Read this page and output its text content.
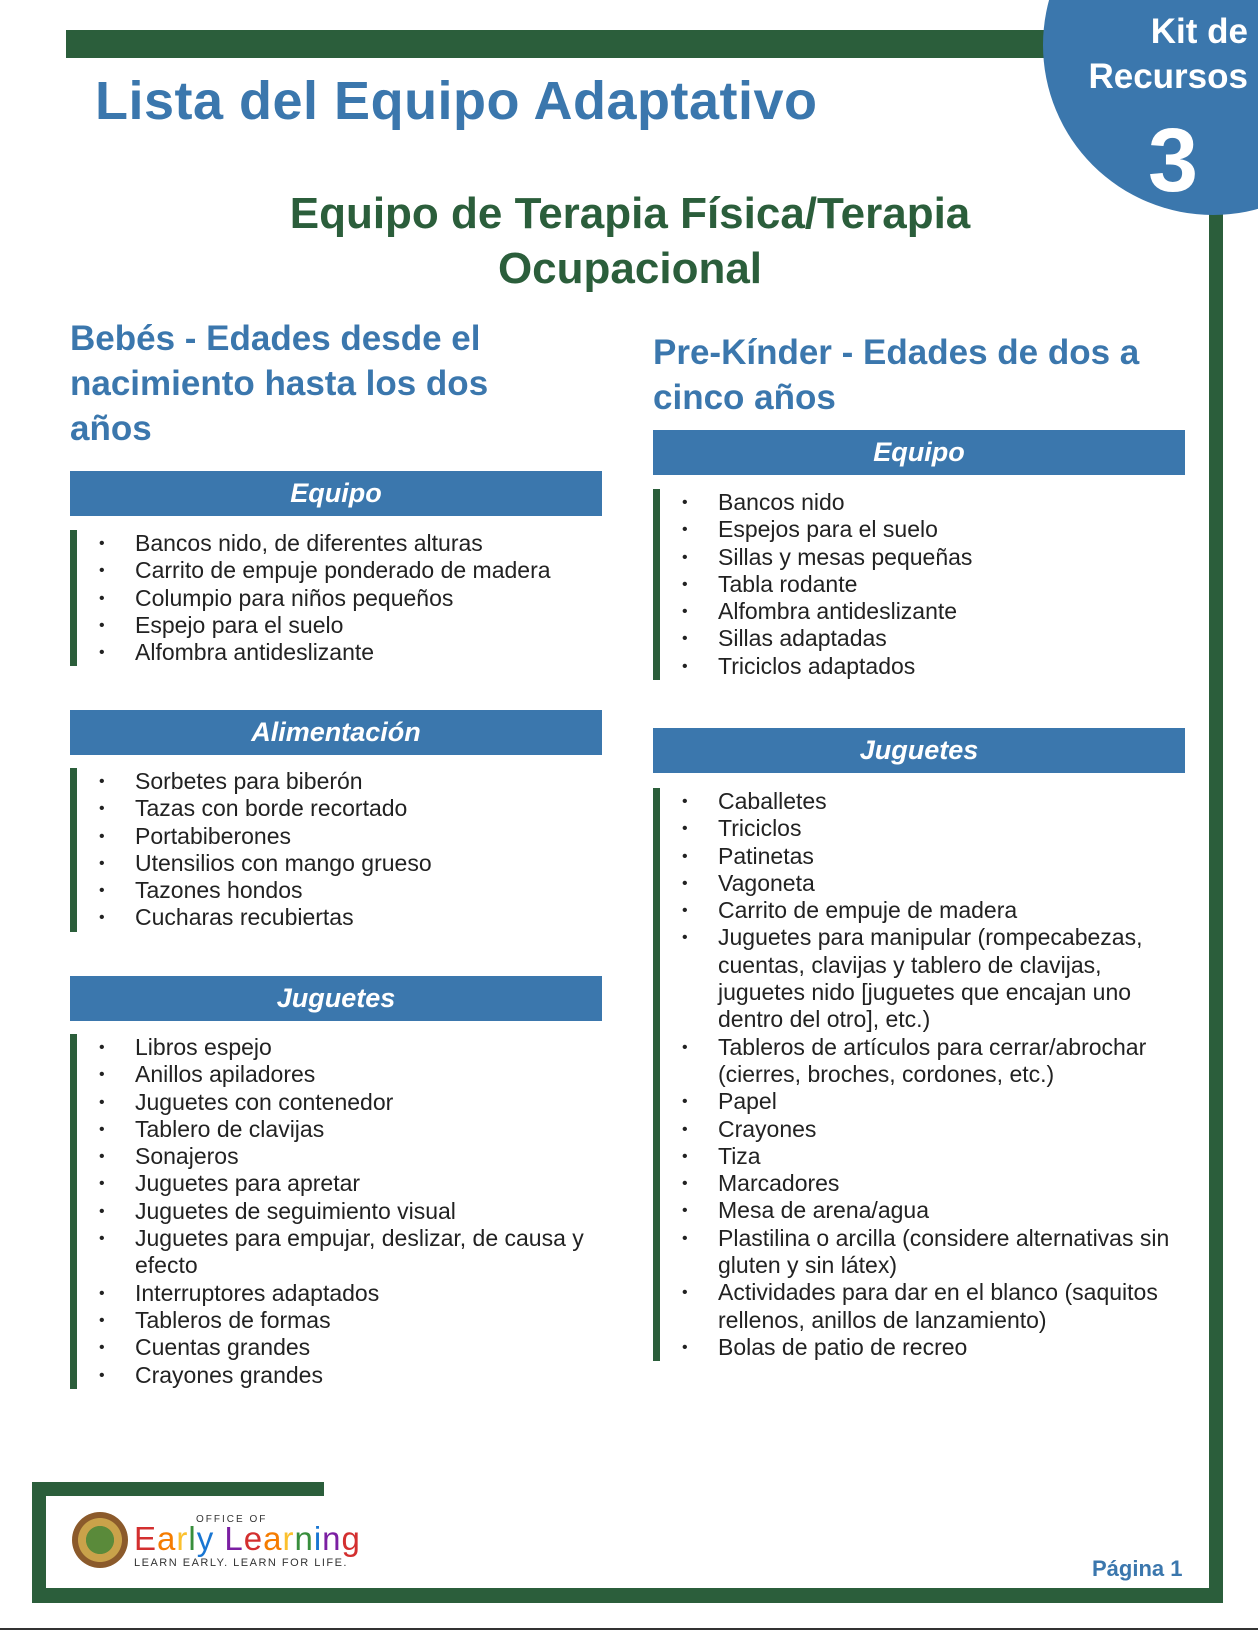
Kit de
Recursos
3
Lista del Equipo Adaptativo
Equipo de Terapia Física/Terapia
Ocupacional
Bebés - Edades desde el
nacimiento hasta los dos
años
Equipo
• Bancos nido, de diferentes alturas
• Carrito de empuje ponderado de madera
• Columpio para niños pequeños
• Espejo para el suelo
• Alfombra antideslizante
Alimentación
• Sorbetes para biberón
• Tazas con borde recortado
• Portabiberones
• Utensilios con mango grueso
• Tazones hondos
• Cucharas recubiertas
Juguetes
• Libros espejo
• Anillos apiladores
• Juguetes con contenedor
• Tablero de clavijas
• Sonajeros
• Juguetes para apretar
• Juguetes de seguimiento visual
• Juguetes para empujar, deslizar, de causa y efecto
• Interruptores adaptados
• Tableros de formas
• Cuentas grandes
• Crayones grandes
Pre-Kínder - Edades de dos a
cinco años
Equipo
• Bancos nido
• Espejos para el suelo
• Sillas y mesas pequeñas
• Tabla rodante
• Alfombra antideslizante
• Sillas adaptadas
• Triciclos adaptados
Juguetes
• Caballetes
• Triciclos
• Patinetas
• Vagoneta
• Carrito de empuje de madera
• Juguetes para manipular (rompecabezas, cuentas, clavijas y tablero de clavijas, juguetes nido [juguetes que encajan uno dentro del otro], etc.)
• Tableros de artículos para cerrar/abrochar (cierres, broches, cordones, etc.)
• Papel
• Crayones
• Tiza
• Marcadores
• Mesa de arena/agua
• Plastilina o arcilla (considere alternativas sin gluten y sin látex)
• Actividades para dar en el blanco (saquitos rellenos, anillos de lanzamiento)
• Bolas de patio de recreo
OFFICE OF
Early Learning
LEARN EARLY. LEARN FOR LIFE.	Página 1
